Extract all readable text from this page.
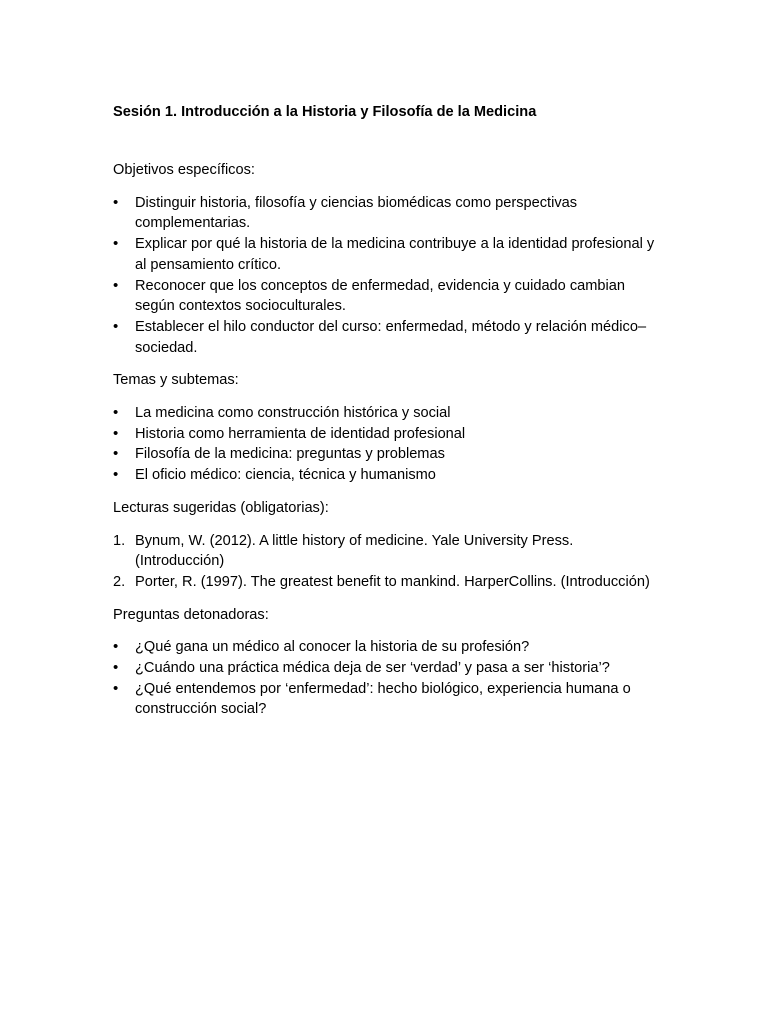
Sesión 1. Introducción a la Historia y Filosofía de la Medicina

Objetivos específicos:

•	Distinguir historia, filosofía y ciencias biomédicas como perspectivas complementarias.
•	Explicar por qué la historia de la medicina contribuye a la identidad profesional y al pensamiento crítico.
•	Reconocer que los conceptos de enfermedad, evidencia y cuidado cambian según contextos socioculturales.
•	Establecer el hilo conductor del curso: enfermedad, método y relación médico–sociedad.

Temas y subtemas:

•	La medicina como construcción histórica y social
•	Historia como herramienta de identidad profesional
•	Filosofía de la medicina: preguntas y problemas
•	El oficio médico: ciencia, técnica y humanismo

Lecturas sugeridas (obligatorias):

1. Bynum, W. (2012). A little history of medicine. Yale University Press. (Introducción)
2. Porter, R. (1997). The greatest benefit to mankind. HarperCollins. (Introducción)

Preguntas detonadoras:

•	¿Qué gana un médico al conocer la historia de su profesión?
•	¿Cuándo una práctica médica deja de ser ‘verdad’ y pasa a ser ‘historia’?
•	¿Qué entendemos por ‘enfermedad’: hecho biológico, experiencia humana o construcción social?
